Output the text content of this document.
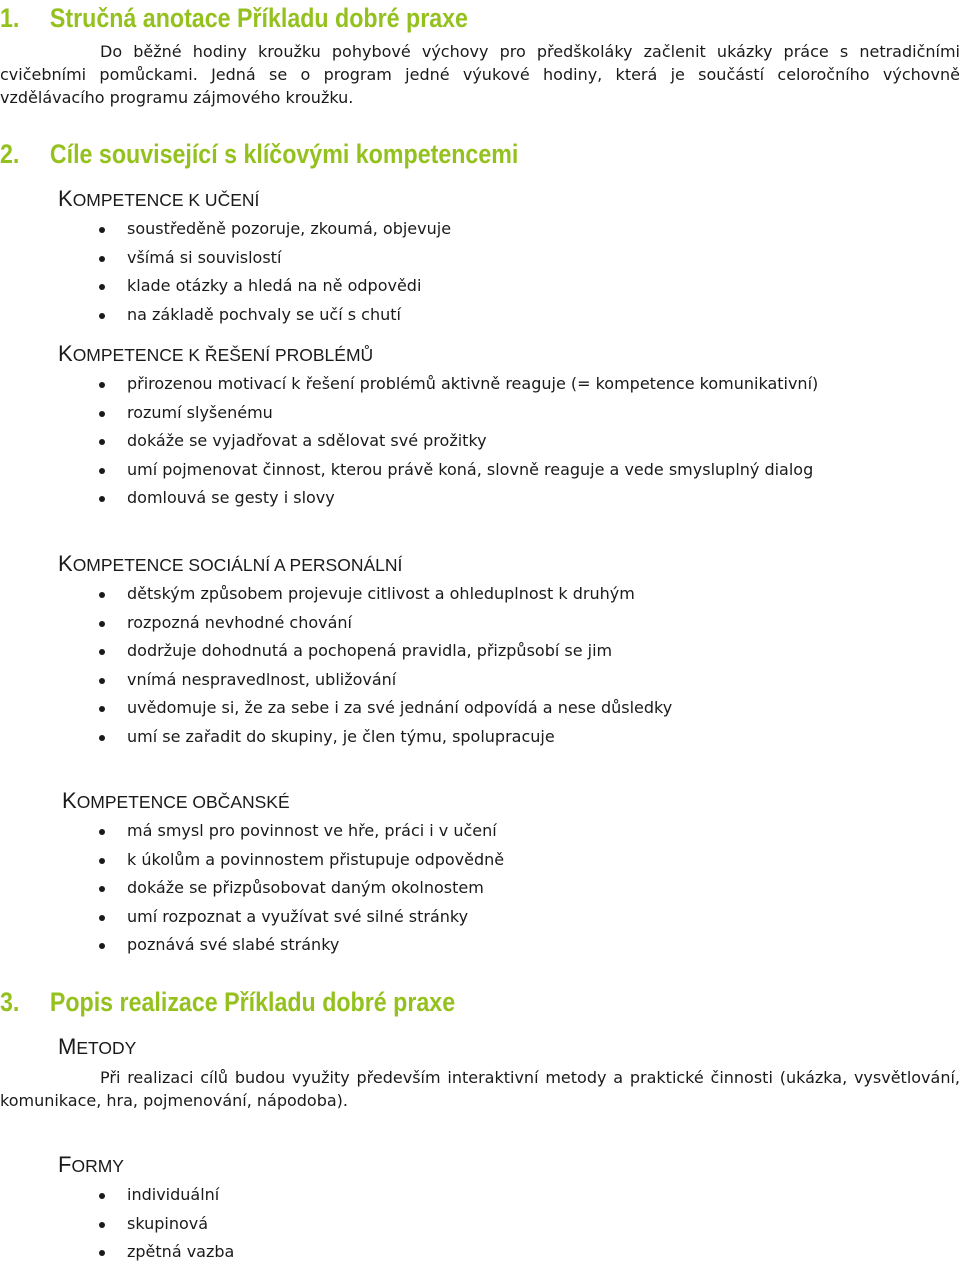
1. Stručná anotace Příkladu dobré praxe

Do běžné hodiny kroužku pohybové výchovy pro předškoláky začlenit ukázky práce s netradičními cvičebními pomůckami. Jedná se o program jedné výukové hodiny, která je součástí celoročního výchovně vzdělávacího programu zájmového kroužku.

2. Cíle související s klíčovými kompetencemi
KOMPETENCE K UČENÍ
soustředěně pozoruje, zkoumá, objevuje
všímá si souvislostí
klade otázky a hledá na ně odpovědi
na základě pochvaly se učí s chutí
KOMPETENCE K ŘEŠENÍ PROBLÉMŮ
přirozenou motivací k řešení problémů aktivně reaguje (= kompetence komunikativní)
rozumí slyšenému
dokáže se vyjadřovat a sdělovat své prožitky
umí pojmenovat činnost, kterou právě koná, slovně reaguje a vede smysluplný dialog
domlouvá se gesty i slovy
KOMPETENCE SOCIÁLNÍ A PERSONÁLNÍ
dětským způsobem projevuje citlivost a ohleduplnost k druhým
rozpozná nevhodné chování
dodržuje dohodnutá a pochopená pravidla, přizpůsobí se jim
vnímá nespravedlnost, ubližování
uvědomuje si, že za sebe i za své jednání odpovídá a nese důsledky
umí se zařadit do skupiny, je člen týmu, spolupracuje
KOMPETENCE OBČANSKÉ
má smysl pro povinnost ve hře, práci i v učení
k úkolům a povinnostem přistupuje odpovědně
dokáže se přizpůsobovat daným okolnostem
umí rozpoznat a využívat své silné stránky
poznává své slabé stránky
3. Popis realizace Příkladu dobré praxe
METODY

Při realizaci cílů budou využity především interaktivní metody a praktické činnosti (ukázka, vysvětlování, komunikace, hra, pojmenování, nápodoba).

FORMY
individuální
skupinová
zpětná vazba
